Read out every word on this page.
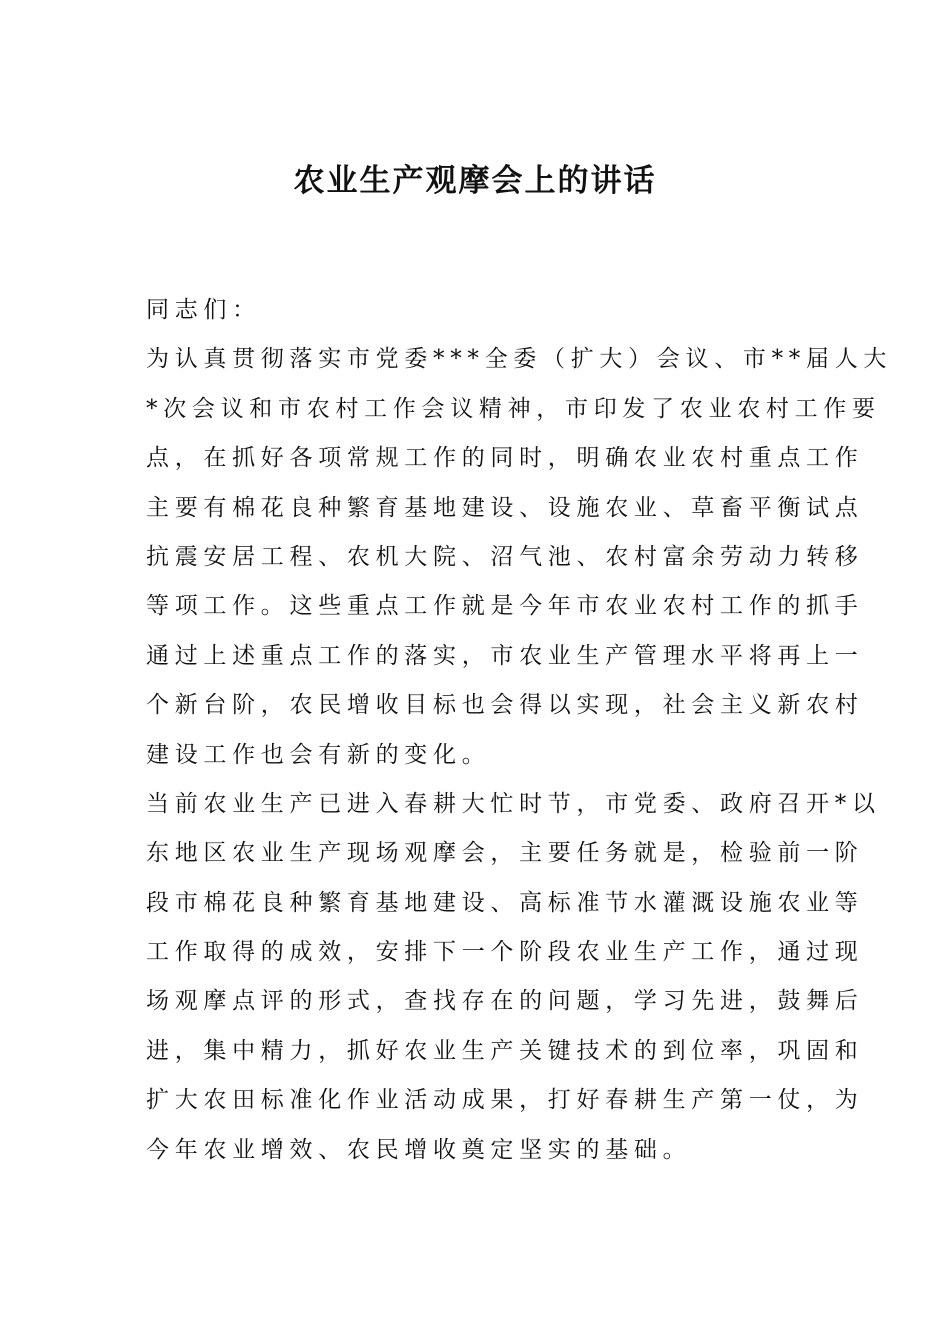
农业生产观摩会上的讲话
同志们：
为认真贯彻落实市党委***全委（扩大）会议、市**届人大
*次会议和市农村工作会议精神，市印发了农业农村工作要
点，在抓好各项常规工作的同时，明确农业农村重点工作
主要有棉花良种繁育基地建设、设施农业、草畜平衡试点
抗震安居工程、农机大院、沼气池、农村富余劳动力转移
等项工作。这些重点工作就是今年市农业农村工作的抓手
通过上述重点工作的落实，市农业生产管理水平将再上一
个新台阶，农民增收目标也会得以实现，社会主义新农村
建设工作也会有新的变化。
当前农业生产已进入春耕大忙时节，市党委、政府召开*以
东地区农业生产现场观摩会，主要任务就是，检验前一阶
段市棉花良种繁育基地建设、高标准节水灌溉设施农业等
工作取得的成效，安排下一个阶段农业生产工作，通过现
场观摩点评的形式，查找存在的问题，学习先进，鼓舞后
进，集中精力，抓好农业生产关键技术的到位率，巩固和
扩大农田标准化作业活动成果，打好春耕生产第一仗，为
今年农业增效、农民增收奠定坚实的基础。
